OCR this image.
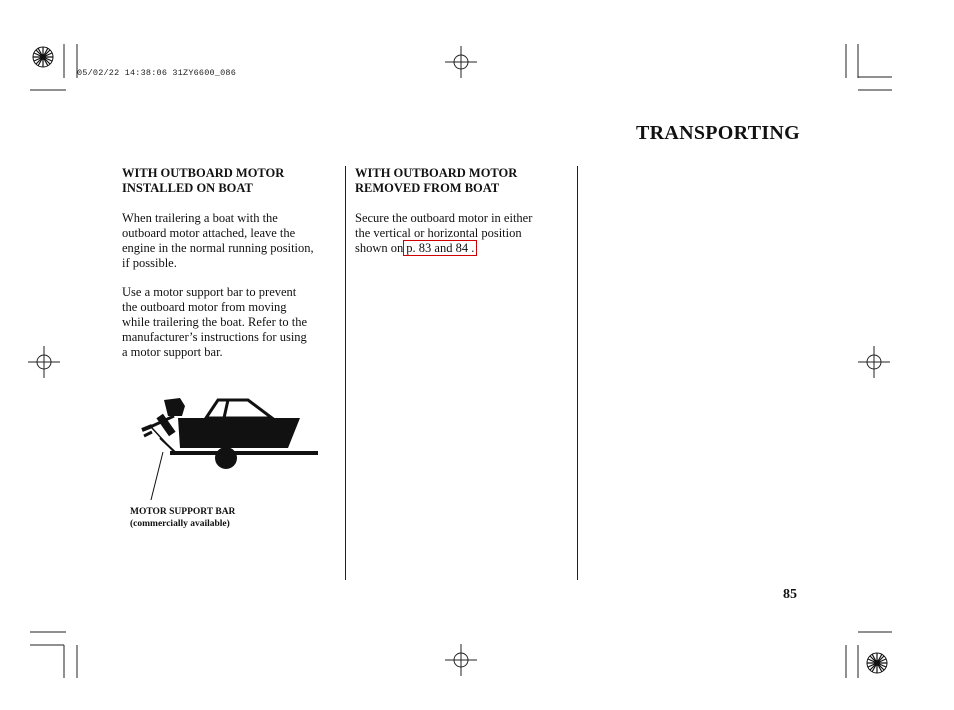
05/02/22 14:38:06 31ZY6600_086
TRANSPORTING
WITH OUTBOARD MOTOR
INSTALLED ON BOAT
When trailering a boat with the
outboard motor attached, leave the
engine in the normal running position,
if possible.
Use a motor support bar to prevent
the outboard motor from moving
while trailering the boat. Refer to the
manufacturer’s instructions for using
a motor support bar.
MOTOR SUPPORT BAR
(commercially available)
WITH OUTBOARD MOTOR
REMOVED FROM BOAT
Secure the outboard motor in either
the vertical or horizontal position
shown on p. 83 and 84 .
85
